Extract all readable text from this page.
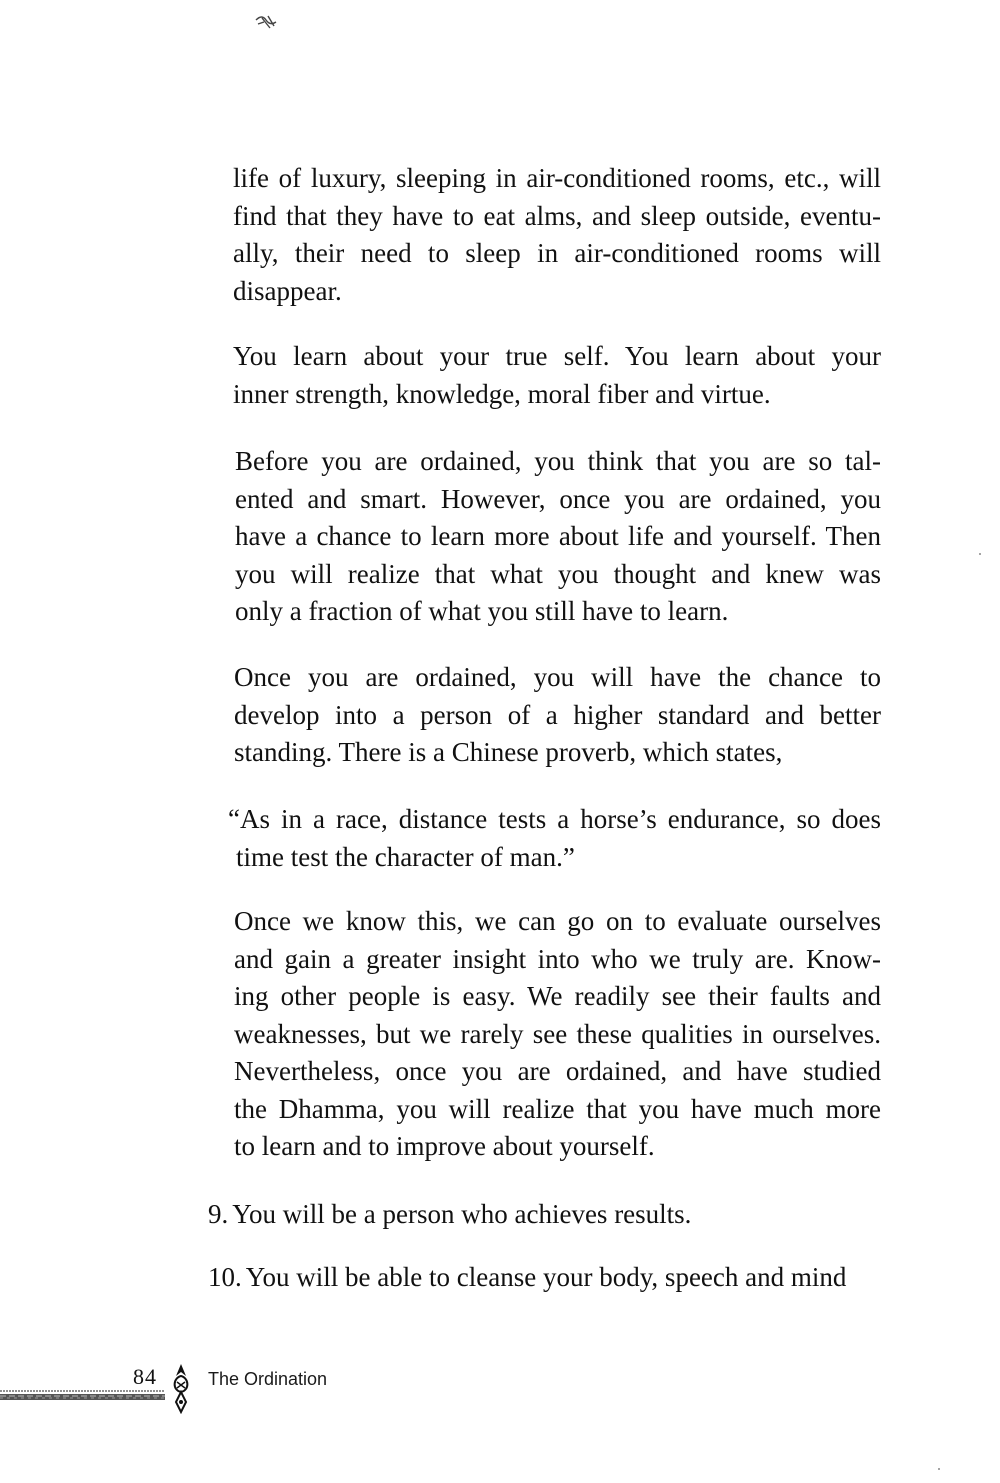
life of luxury, sleeping in air-conditioned rooms, etc., will
find that they have to eat alms, and sleep outside, eventu-
ally, their need to sleep in air-conditioned rooms will
disappear.
You learn about your true self. You learn about your
inner strength, knowledge, moral fiber and virtue.
Before you are ordained, you think that you are so tal-
ented and smart. However, once you are ordained, you
have a chance to learn more about life and yourself. Then
you will realize that what you thought and knew was
only a fraction of what you still have to learn.
Once you are ordained, you will have the chance to
develop into a person of a higher standard and better
standing. There is a Chinese proverb, which states,
“As in a race, distance tests a horse’s endurance, so does
time test the character of man.”
Once we know this, we can go on to evaluate ourselves
and gain a greater insight into who we truly are. Know-
ing other people is easy. We readily see their faults and
weaknesses, but we rarely see these qualities in ourselves.
Nevertheless, once you are ordained, and have studied
the Dhamma, you will realize that you have much more
to learn and to improve about yourself.
9. You will be a person who achieves results.
10. You will be able to cleanse your body, speech and mind
84	The Ordination
